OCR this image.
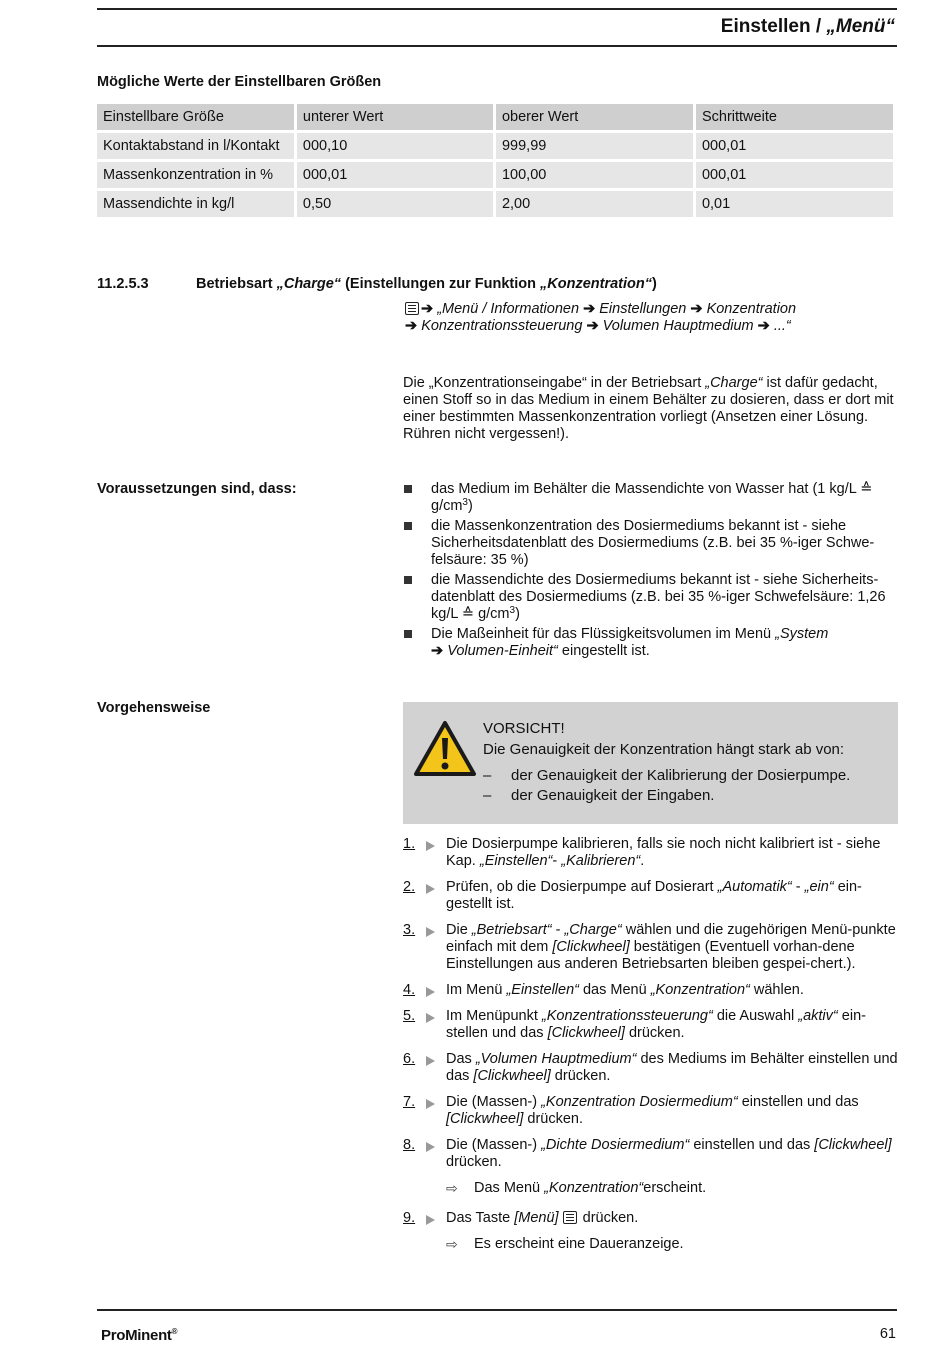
Einstellen / „Menü“
Mögliche Werte der Einstellbaren Größen
Einstellbare Größe	unterer Wert	oberer Wert	Schrittweite
Kontaktabstand in l/Kontakt	000,10	999,99	000,01
Massenkonzentration in %	000,01	100,00	000,01
Massendichte in kg/l	0,50	2,00	0,01
11.2.5.3	Betriebsart „Charge“ (Einstellungen zur Funktion „Konzentration“)
➔ „Menü / Informationen ➔ Einstellungen ➔ Konzentration
➔ Konzentrationssteuerung ➔ Volumen Hauptmedium ➔ ...“

Die „Konzentrationseingabe“ in der Betriebsart „Charge“ ist dafür gedacht, einen Stoff so in das Medium in einem Behälter zu dosieren, dass er dort mit einer bestimmten Massenkonzentration vorliegt (Ansetzen einer Lösung. Rühren nicht vergessen!).

Voraussetzungen sind, dass:	das Medium im Behälter die Massendichte von Wasser hat (1 kg/L ≙ $g/cm^3$)
die Massenkonzentration des Dosiermediums bekannt ist - siehe Sicherheitsdatenblatt des Dosiermediums (z.B. bei 35 %-iger Schwe-felsäure: 35 %)
die Massendichte des Dosiermediums bekannt ist - siehe Sicherheits-datenblatt des Dosiermediums (z.B. bei 35 %-iger Schwefelsäure: 1,26 kg/L ≙ $g/cm^3$)
Die Maßeinheit für das Flüssigkeitsvolumen im Menü „System
➔ Volumen-Einheit“ eingestellt ist.
Vorgehensweise
VORSICHT!
Die Genauigkeit der Konzentration hängt stark ab von:
– der Genauigkeit der Kalibrierung der Dosierpumpe.
– der Genauigkeit der Eingaben.
1. Die Dosierpumpe kalibrieren, falls sie noch nicht kalibriert ist - siehe Kap. „Einstellen“- „Kalibrieren“.
2. Prüfen, ob die Dosierpumpe auf Dosierart „Automatik“ - „ein“ ein-gestellt ist.
3. Die „Betriebsart“ - „Charge“ wählen und die zugehörigen Menü-punkte einfach mit dem [Clickwheel] bestätigen (Eventuell vorhan-dene Einstellungen aus anderen Betriebsarten bleiben gespei-chert.).
4. Im Menü „Einstellen“ das Menü „Konzentration“ wählen.
5. Im Menüpunkt „Konzentrationssteuerung“ die Auswahl „aktiv“ ein-stellen und das [Clickwheel] drücken.
6. Das „Volumen Hauptmedium“ des Mediums im Behälter einstellen und das [Clickwheel] drücken.
7. Die (Massen-) „Konzentration Dosiermedium“ einstellen und das [Clickwheel] drücken.
8. Die (Massen-) „Dichte Dosiermedium“ einstellen und das [Clickwheel] drücken.
⇨ Das Menü „Konzentration“erscheint.
9. Das Taste [Menü]  drücken.
⇨ Es erscheint eine Daueranzeige.
ProMinent®	61
